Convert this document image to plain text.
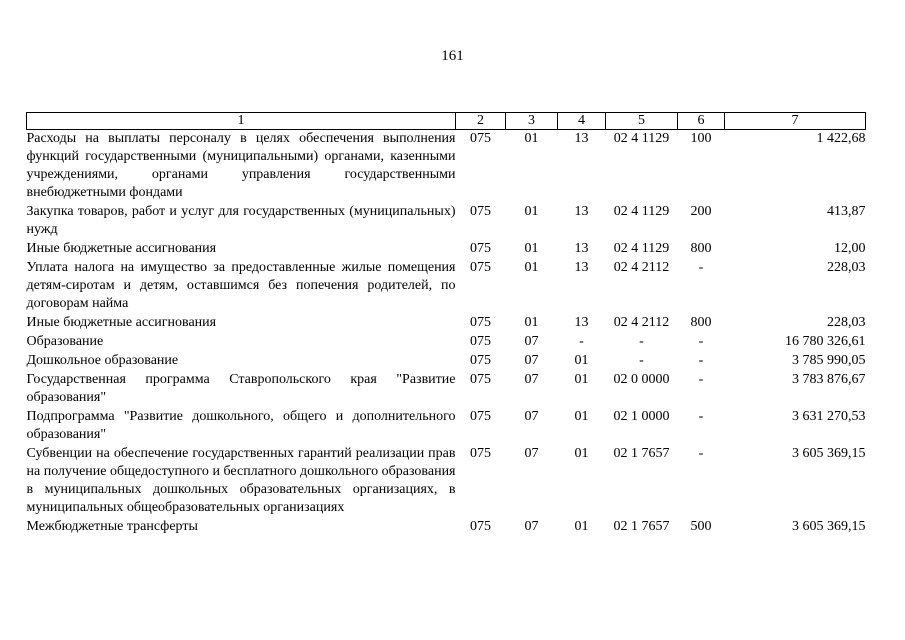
161
1	2	3	4	5	6	7
Расходы на выплаты персоналу в целях обеспечения выполнения функций государственными (муниципальными) органами, казенными учреждениями, органами управления государственными внебюджетными фондами	075	01	13	02 4 1129	100	1 422,68
Закупка товаров, работ и услуг для государственных (муниципальных) нужд	075	01	13	02 4 1129	200	413,87
Иные бюджетные ассигнования	075	01	13	02 4 1129	800	12,00
Уплата налога на имущество за предоставленные жилые помещения детям-сиротам и детям, оставшимся без попечения родителей, по договорам найма	075	01	13	02 4 2112	-	228,03
Иные бюджетные ассигнования	075	01	13	02 4 2112	800	228,03
Образование	075	07	-	-	-	16 780 326,61
Дошкольное образование	075	07	01	-	-	3 785 990,05
Государственная программа Ставропольского края "Развитие образования"	075	07	01	02 0 0000	-	3 783 876,67
Подпрограмма "Развитие дошкольного, общего и дополнительного образования"	075	07	01	02 1 0000	-	3 631 270,53
Субвенции на обеспечение государственных гарантий реализации прав на получение общедоступного и бесплатного дошкольного образования в муниципальных дошкольных образовательных организациях, в муниципальных общеобразовательных организациях	075	07	01	02 1 7657	-	3 605 369,15
Межбюджетные трансферты	075	07	01	02 1 7657	500	3 605 369,15
